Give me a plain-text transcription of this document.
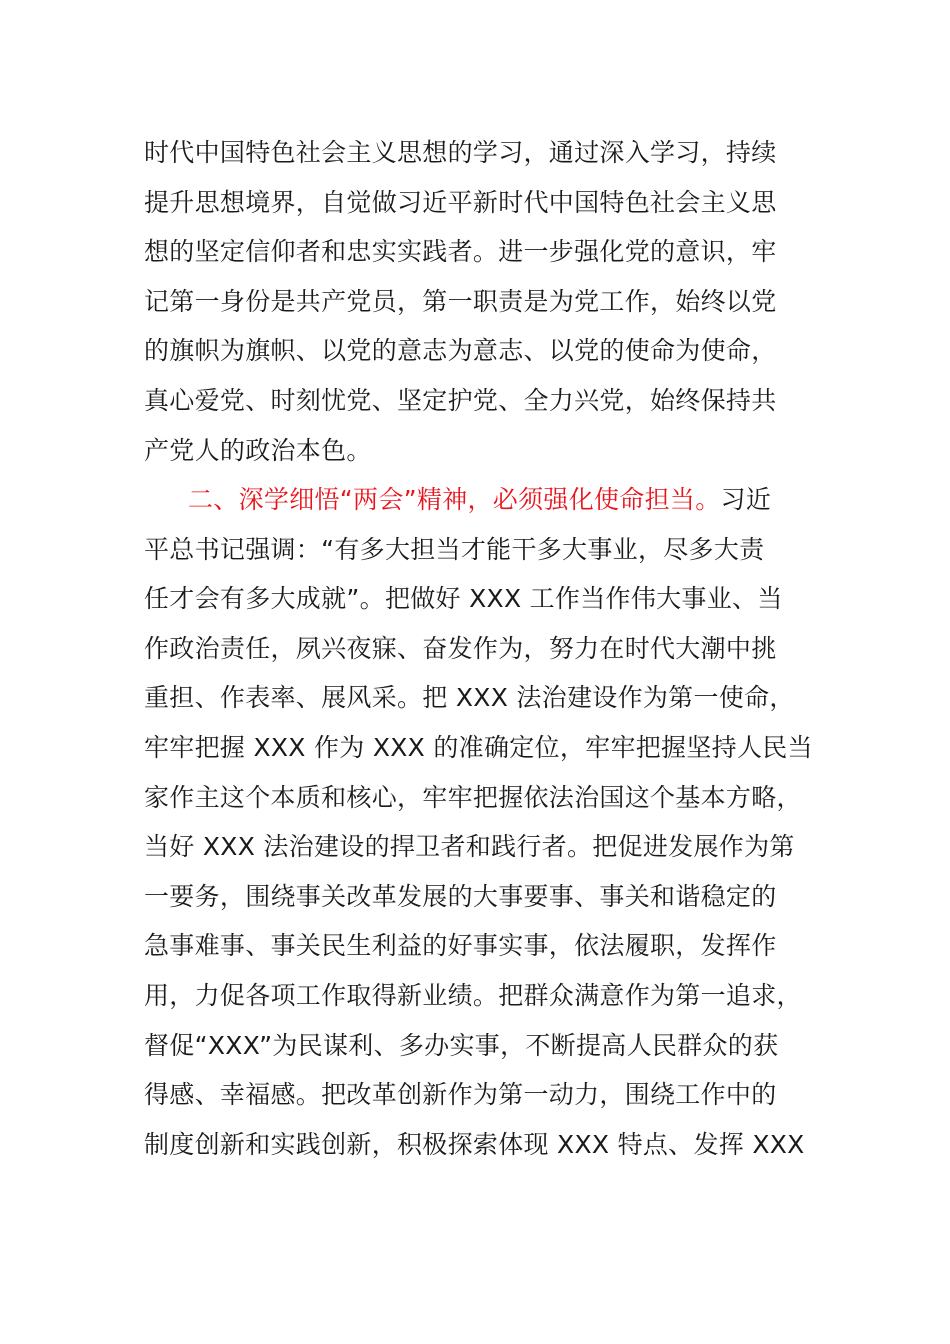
时代中国特色社会主义思想的学习，通过深入学习，持续
提升思想境界，自觉做习近平新时代中国特色社会主义思
想的坚定信仰者和忠实实践者。进一步强化党的意识，牢
记第一身份是共产党员，第一职责是为党工作，始终以党
的旗帜为旗帜、以党的意志为意志、以党的使命为使命，
真心爱党、时刻忧党、坚定护党、全力兴党，始终保持共
产党人的政治本色。
二、深学细悟“两会”精神，必须强化使命担当。习近
平总书记强调：“有多大担当才能干多大事业，尽多大责
任才会有多大成就”。把做好 XXX 工作当作伟大事业、当
作政治责任，夙兴夜寐、奋发作为，努力在时代大潮中挑
重担、作表率、展风采。把 XXX 法治建设作为第一使命，
牢牢把握 XXX 作为 XXX 的准确定位，牢牢把握坚持人民当
家作主这个本质和核心，牢牢把握依法治国这个基本方略，
当好 XXX 法治建设的捍卫者和践行者。把促进发展作为第
一要务，围绕事关改革发展的大事要事、事关和谐稳定的
急事难事、事关民生利益的好事实事，依法履职，发挥作
用，力促各项工作取得新业绩。把群众满意作为第一追求，
督促“XXX”为民谋利、多办实事，不断提高人民群众的获
得感、幸福感。把改革创新作为第一动力，围绕工作中的
制度创新和实践创新，积极探索体现 XXX 特点、发挥 XXX
